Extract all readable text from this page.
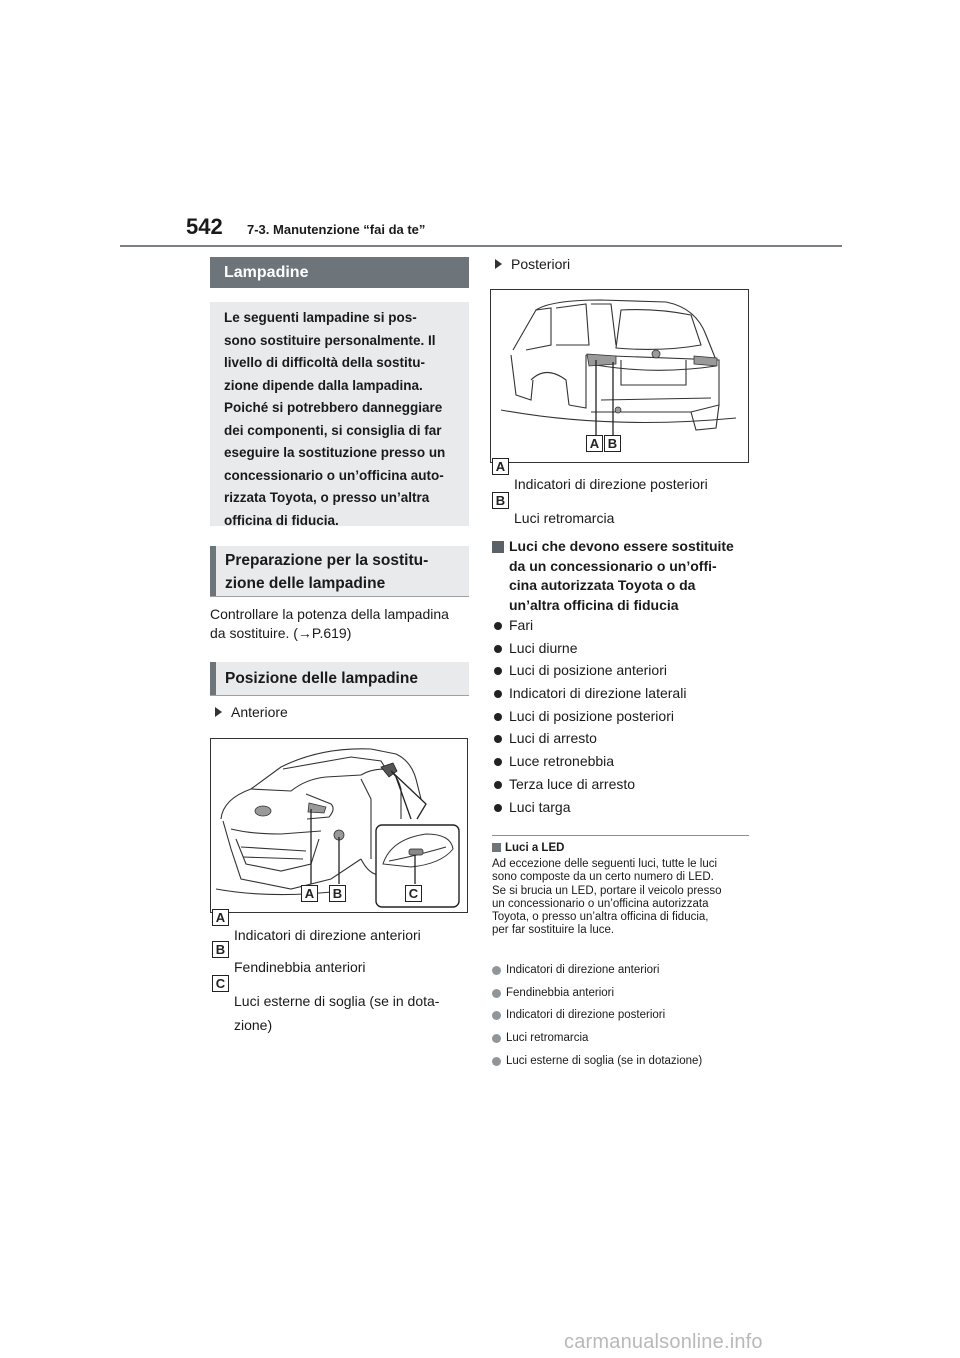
542 7-3. Manutenzione “fai da te”
Lampadine
Le seguenti lampadine si pos-
sono sostituire personalmente. Il
livello di difficoltà della sostitu-
zione dipende dalla lampadina.
Poiché si potrebbero danneggiare
dei componenti, si consiglia di far
eseguire la sostituzione presso un
concessionario o un’officina auto-
rizzata Toyota, o presso un’altra
officina di fiducia.
Preparazione per la sostitu-
zione delle lampadine
Controllare la potenza della lampadina
da sostituire. (→P.619)
Posizione delle lampadine
Anteriore
A B	C
A
Indicatori di direzione anteriori
B
Fendinebbia anteriori
C
Luci esterne di soglia (se in dota-
zione)
Posteriori
A B
A
Indicatori di direzione posteriori
B
Luci retromarcia
Luci che devono essere sostituite
da un concessionario o un’offi-
cina autorizzata Toyota o da
un’altra officina di fiducia
Fari
Luci diurne
Luci di posizione anteriori
Indicatori di direzione laterali
Luci di posizione posteriori
Luci di arresto
Luce retronebbia
Terza luce di arresto
Luci targa
Luci a LED
Ad eccezione delle seguenti luci, tutte le luci
sono composte da un certo numero di LED.
Se si brucia un LED, portare il veicolo presso
un concessionario o un’officina autorizzata
Toyota, o presso un’altra officina di fiducia,
per far sostituire la luce.
Indicatori di direzione anteriori
Fendinebbia anteriori
Indicatori di direzione posteriori
Luci retromarcia
Luci esterne di soglia (se in dotazione)
carmanualsonline.info
